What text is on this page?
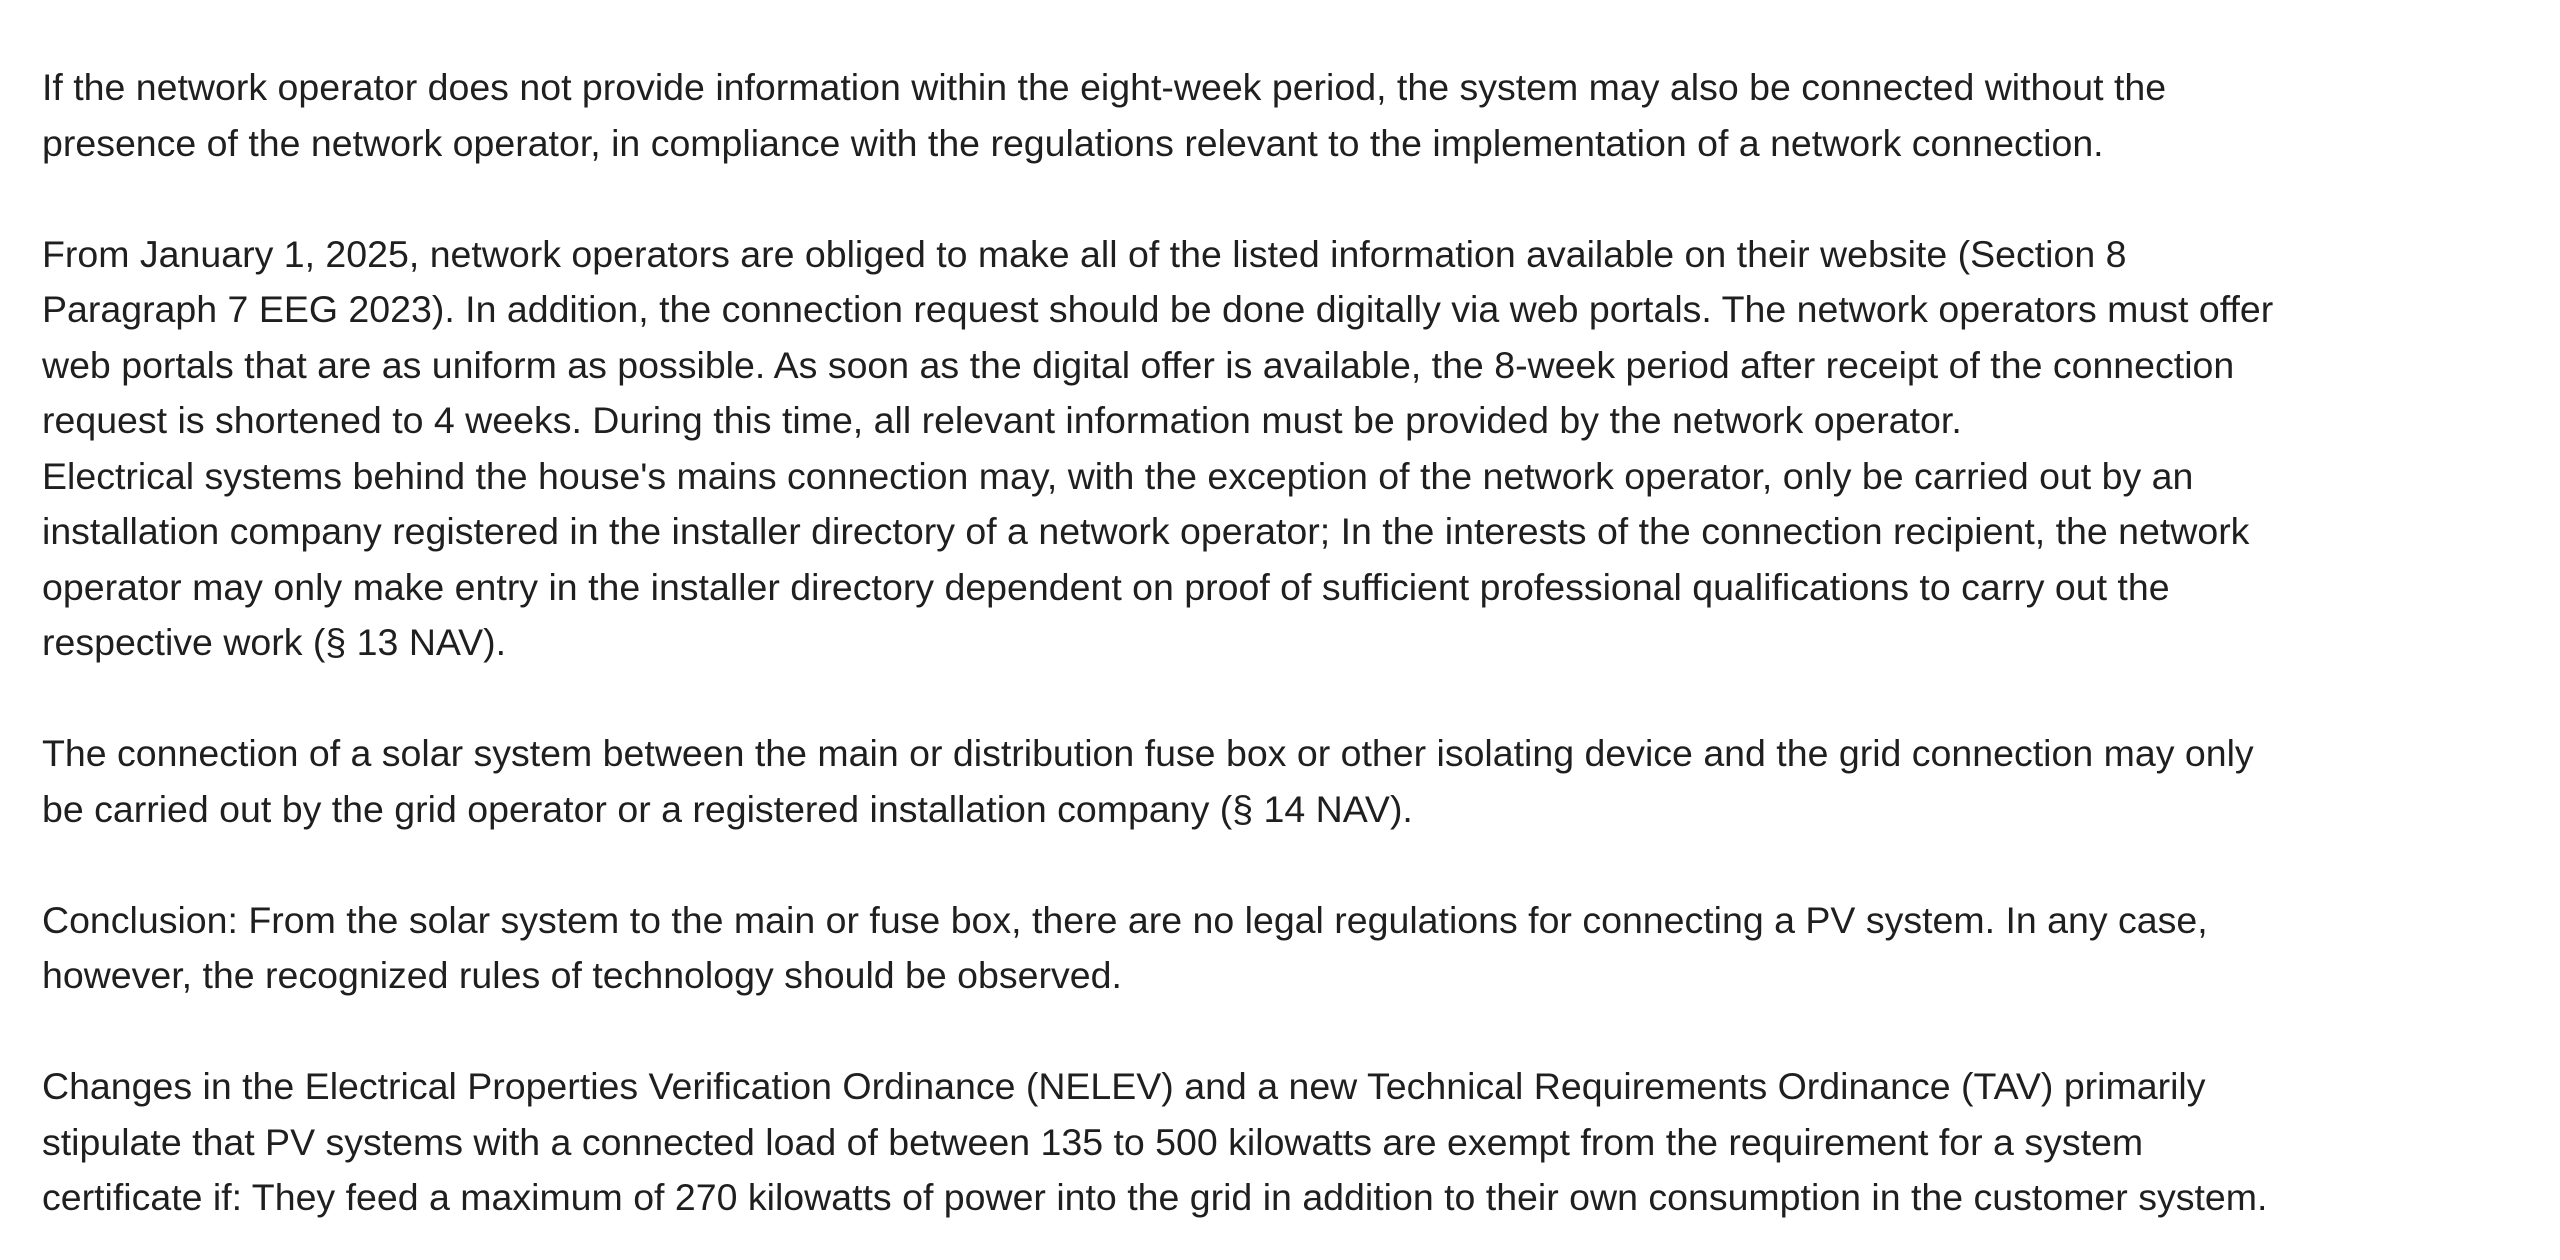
If the network operator does not provide information within the eight-week period, the system may also be connected without the
presence of the network operator, in compliance with the regulations relevant to the implementation of a network connection.

From January 1, 2025, network operators are obliged to make all of the listed information available on their website (Section 8
Paragraph 7 EEG 2023). In addition, the connection request should be done digitally via web portals. The network operators must offer
web portals that are as uniform as possible. As soon as the digital offer is available, the 8-week period after receipt of the connection
request is shortened to 4 weeks. During this time, all relevant information must be provided by the network operator.
Electrical systems behind the house's mains connection may, with the exception of the network operator, only be carried out by an
installation company registered in the installer directory of a network operator; In the interests of the connection recipient, the network
operator may only make entry in the installer directory dependent on proof of sufficient professional qualifications to carry out the
respective work (§ 13 NAV).

The connection of a solar system between the main or distribution fuse box or other isolating device and the grid connection may only
be carried out by the grid operator or a registered installation company (§ 14 NAV).

Conclusion: From the solar system to the main or fuse box, there are no legal regulations for connecting a PV system. In any case,
however, the recognized rules of technology should be observed.

Changes in the Electrical Properties Verification Ordinance (NELEV) and a new Technical Requirements Ordinance (TAV) primarily
stipulate that PV systems with a connected load of between 135 to 500 kilowatts are exempt from the requirement for a system
certificate if: They feed a maximum of 270 kilowatts of power into the grid in addition to their own consumption in the customer system.
